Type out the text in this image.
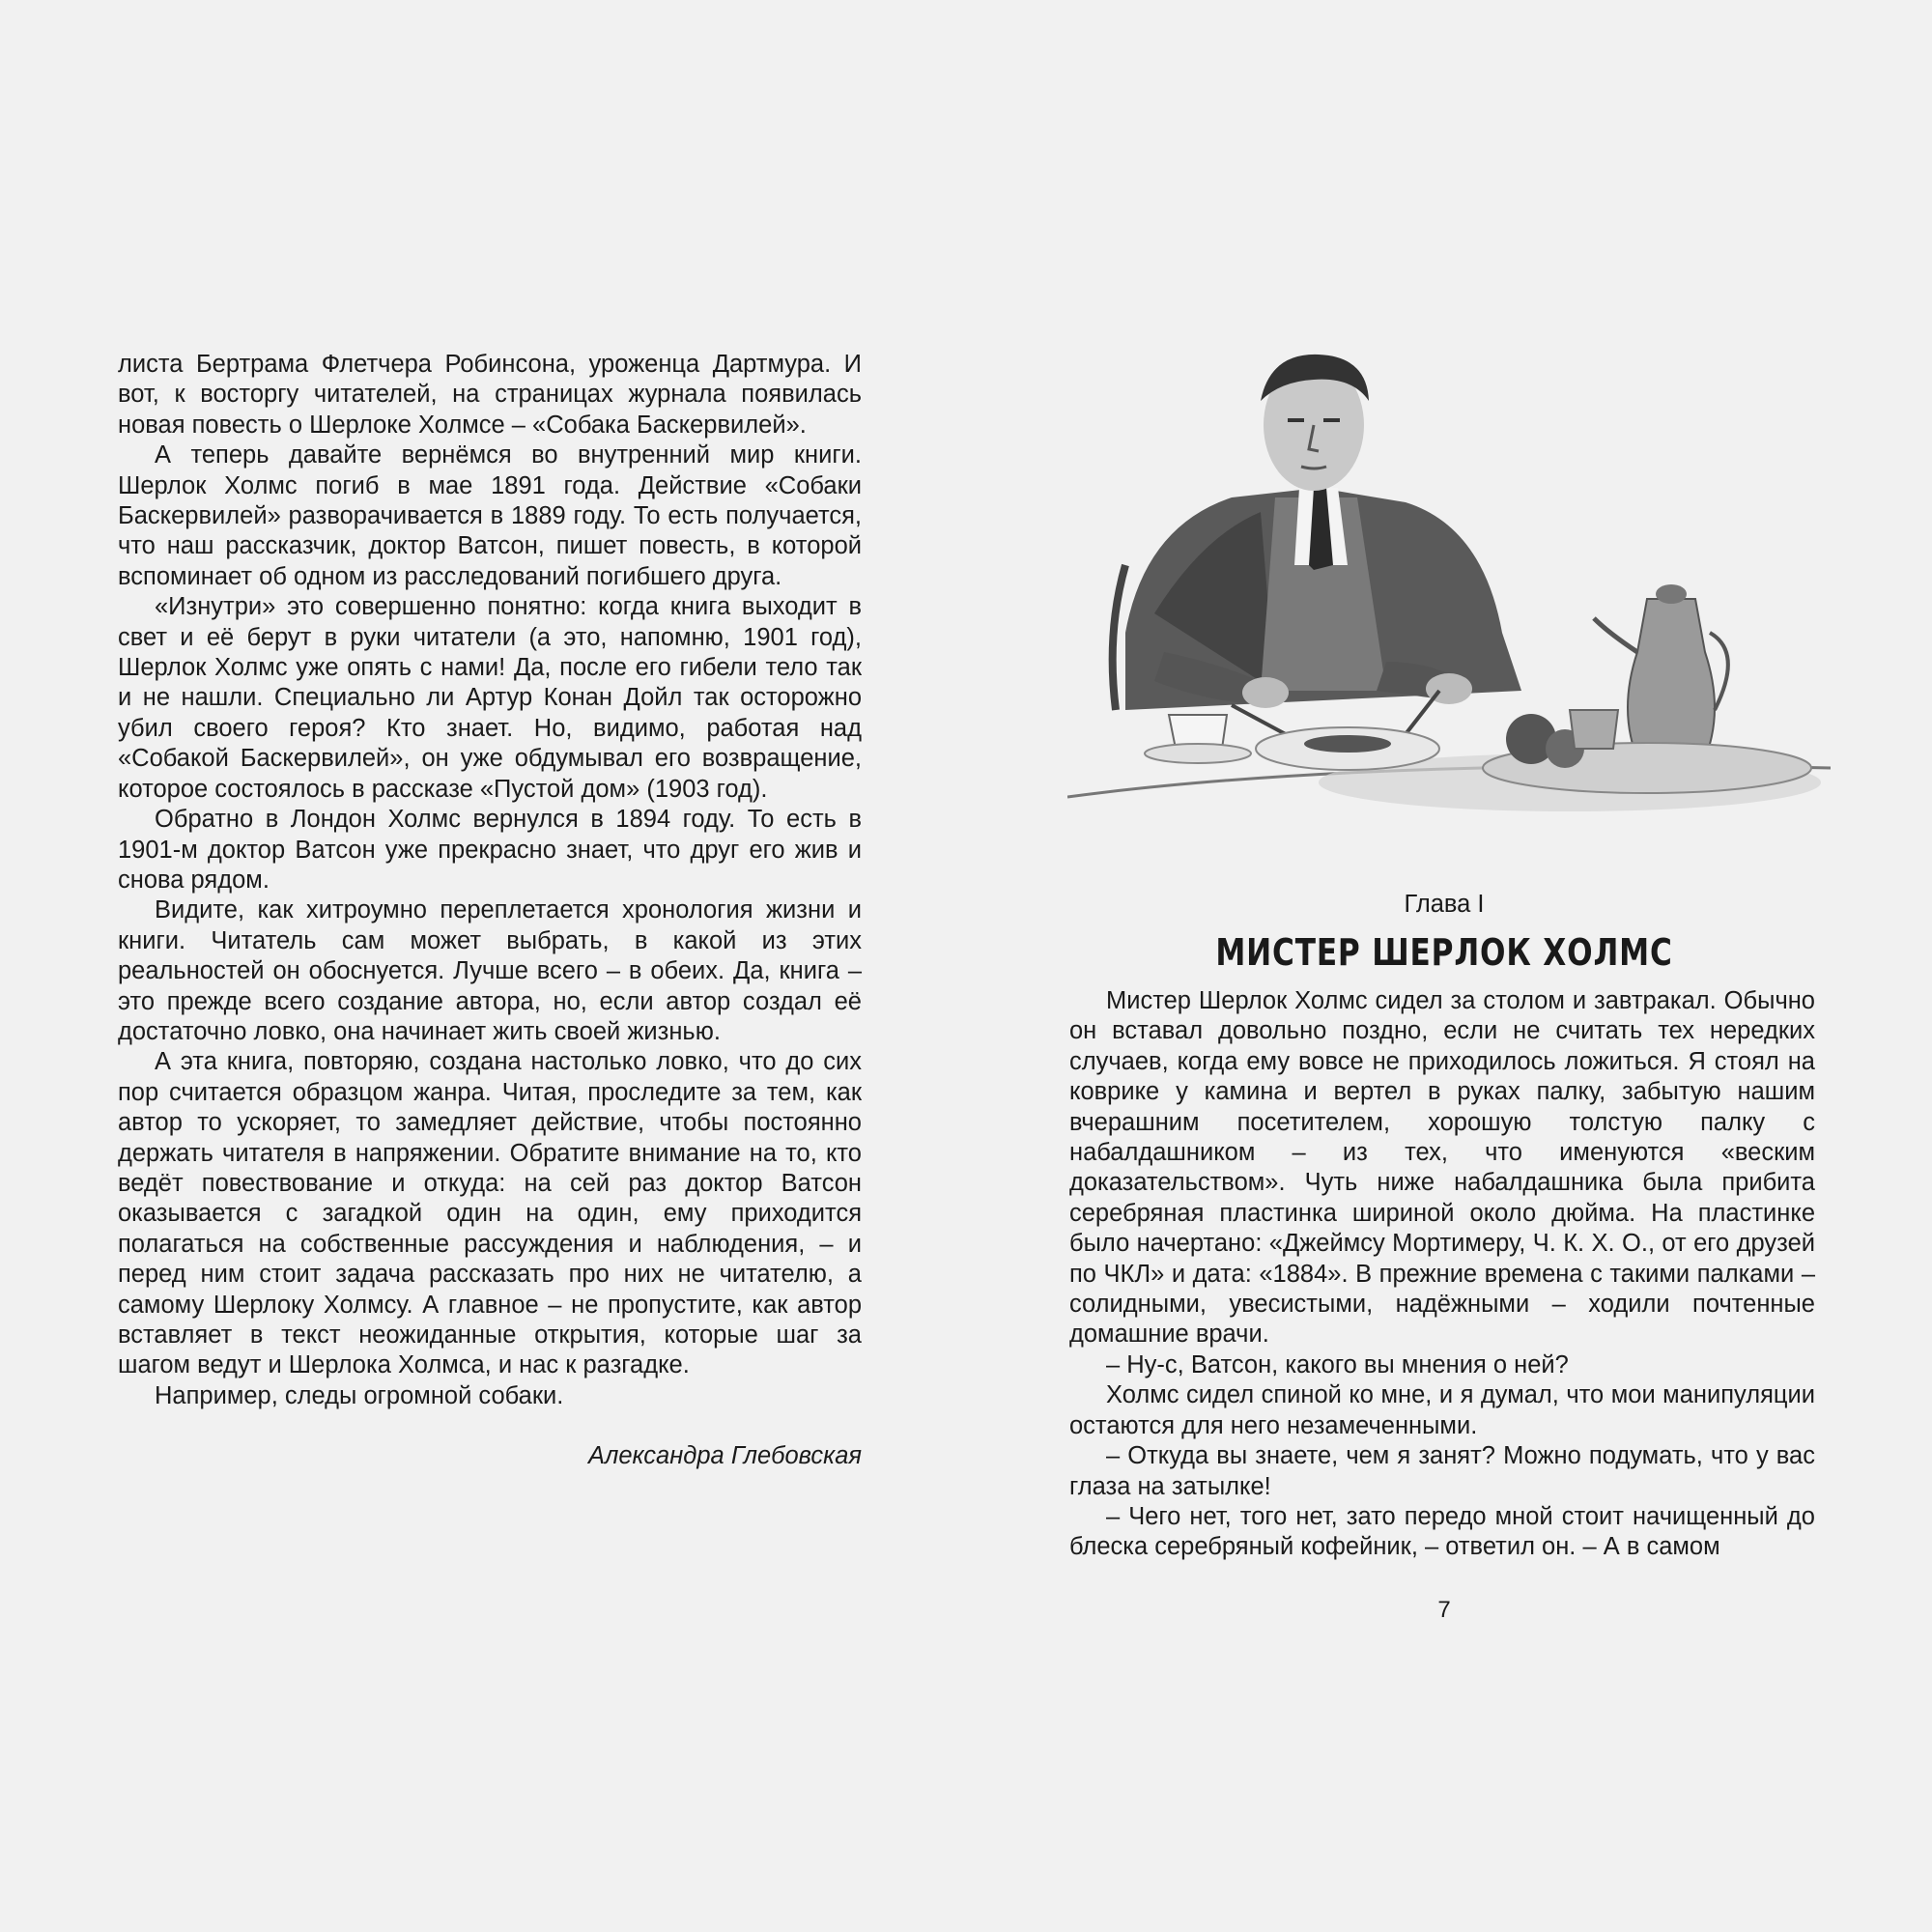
листа Бертрама Флетчера Робинсона, уроженца Дартмура. И вот, к восторгу читателей, на страницах журнала появилась новая повесть о Шерлоке Холмсе – «Собака Баскервилей».

А теперь давайте вернёмся во внутренний мир книги. Шерлок Холмс погиб в мае 1891 года. Действие «Собаки Баскервилей» разворачивается в 1889 году. То есть получается, что наш рассказчик, доктор Ватсон, пишет повесть, в которой вспоминает об одном из расследований погибшего друга.

«Изнутри» это совершенно понятно: когда книга выходит в свет и её берут в руки читатели (а это, напомню, 1901 год), Шерлок Холмс уже опять с нами! Да, после его гибели тело так и не нашли. Специально ли Артур Конан Дойл так осторожно убил своего героя? Кто знает. Но, видимо, работая над «Собакой Баскервилей», он уже обдумывал его возвращение, которое состоялось в рассказе «Пустой дом» (1903 год).

Обратно в Лондон Холмс вернулся в 1894 году. То есть в 1901-м доктор Ватсон уже прекрасно знает, что друг его жив и снова рядом.

Видите, как хитроумно переплетается хронология жизни и книги. Читатель сам может выбрать, в какой из этих реальностей он обоснуется. Лучше всего – в обеих. Да, книга – это прежде всего создание автора, но, если автор создал её достаточно ловко, она начинает жить своей жизнью.

А эта книга, повторяю, создана настолько ловко, что до сих пор считается образцом жанра. Читая, проследите за тем, как автор то ускоряет, то замедляет действие, чтобы постоянно держать читателя в напряжении. Обратите внимание на то, кто ведёт повествование и откуда: на сей раз доктор Ватсон оказывается с загадкой один на один, ему приходится полагаться на собственные рассуждения и наблюдения, – и перед ним стоит задача рассказать про них не читателю, а самому Шерлоку Холмсу. А главное – не пропустите, как автор вставляет в текст неожиданные открытия, которые шаг за шагом ведут и Шерлока Холмса, и нас к разгадке.

Например, следы огромной собаки.

Александра Глебовская
Глава I
МИСТЕР ШЕРЛОК ХОЛМС

Мистер Шерлок Холмс сидел за столом и завтракал. Обычно он вставал довольно поздно, если не считать тех нередких случаев, когда ему вовсе не приходилось ложиться. Я стоял на коврике у камина и вертел в руках палку, забытую нашим вчерашним посетителем, хорошую толстую палку с набалдашником – из тех, что именуются «веским доказательством». Чуть ниже набалдашника была прибита серебряная пластинка шириной около дюйма. На пластинке было начертано: «Джеймсу Мортимеру, Ч. К. Х. О., от его друзей по ЧКЛ» и дата: «1884». В прежние времена с такими палками – солидными, увесистыми, надёжными – ходили почтенные домашние врачи.

– Ну-с, Ватсон, какого вы мнения о ней?

Холмс сидел спиной ко мне, и я думал, что мои манипуляции остаются для него незамеченными.

– Откуда вы знаете, чем я занят? Можно подумать, что у вас глаза на затылке!

– Чего нет, того нет, зато передо мной стоит начищенный до блеска серебряный кофейник, – ответил он. – А в самом

7
